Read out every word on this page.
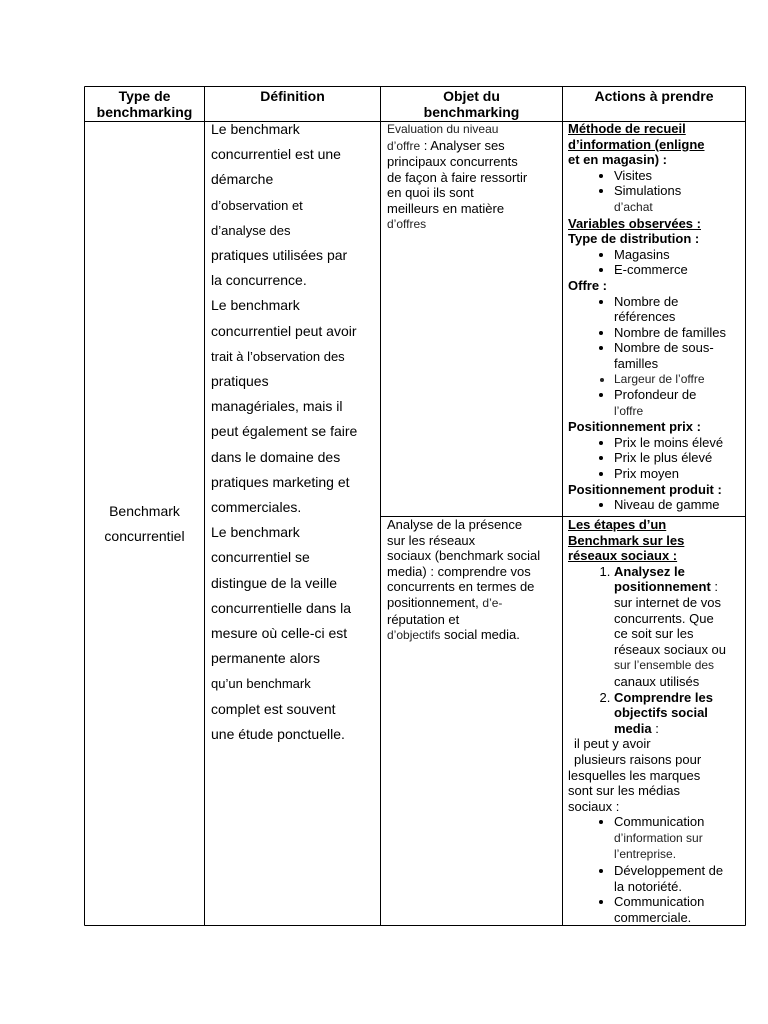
Type de
benchmarking
Définition	Objet du
benchmarking
Actions à prendre
Benchmark
concurrentiel

Le benchmark

concurrentiel est une

démarche

d’observation et

d’analyse des

pratiques utilisées par

la concurrence.

Le benchmark

concurrentiel peut avoir

trait à l’observation des

pratiques

managériales, mais il

peut également se faire

dans le domaine des

pratiques marketing et

commerciales.

Le benchmark

concurrentiel se

distingue de la veille

concurrentielle dans la

mesure où celle-ci est

permanente alors

qu’un benchmark

complet est souvent

une étude ponctuelle.

Evaluation du niveau
d’offre : Analyser ses
principaux concurrents
de façon à faire ressortir
en quoi ils sont
meilleurs en matière
d’offres
Analyse de la présence
sur les réseaux
sociaux (benchmark social
media) : comprendre vos
concurrents en termes de
positionnement, d’e-
réputation et
d’objectifs social media.
Méthode de recueil
d’information (enligne
et en magasin) :
• Visites
• Simulations
d’achat
Variables observées :
Type de distribution :
• Magasins
• E-commerce
Offre :
• Nombre de
références
• Nombre de familles
• Nombre de sous-
familles
• Largeur de l’offre
• Profondeur de
l’offre
Positionnement prix :
• Prix le moins élevé
• Prix le plus élevé
• Prix moyen
Positionnement produit :
• Niveau de gamme
Les étapes d’un
Benchmark sur les
réseaux sociaux :
1. Analysez le
positionnement :
sur internet de vos
concurrents. Que
ce soit sur les
réseaux sociaux ou
sur l’ensemble des
canaux utilisés
2. Comprendre les
objectifs social
media :
il peut y avoir
plusieurs raisons pour
lesquelles les marques
sont sur les médias
sociaux :
• Communication
d’information sur
l’entreprise.
• Développement de
la notoriété.
• Communication
commerciale.
